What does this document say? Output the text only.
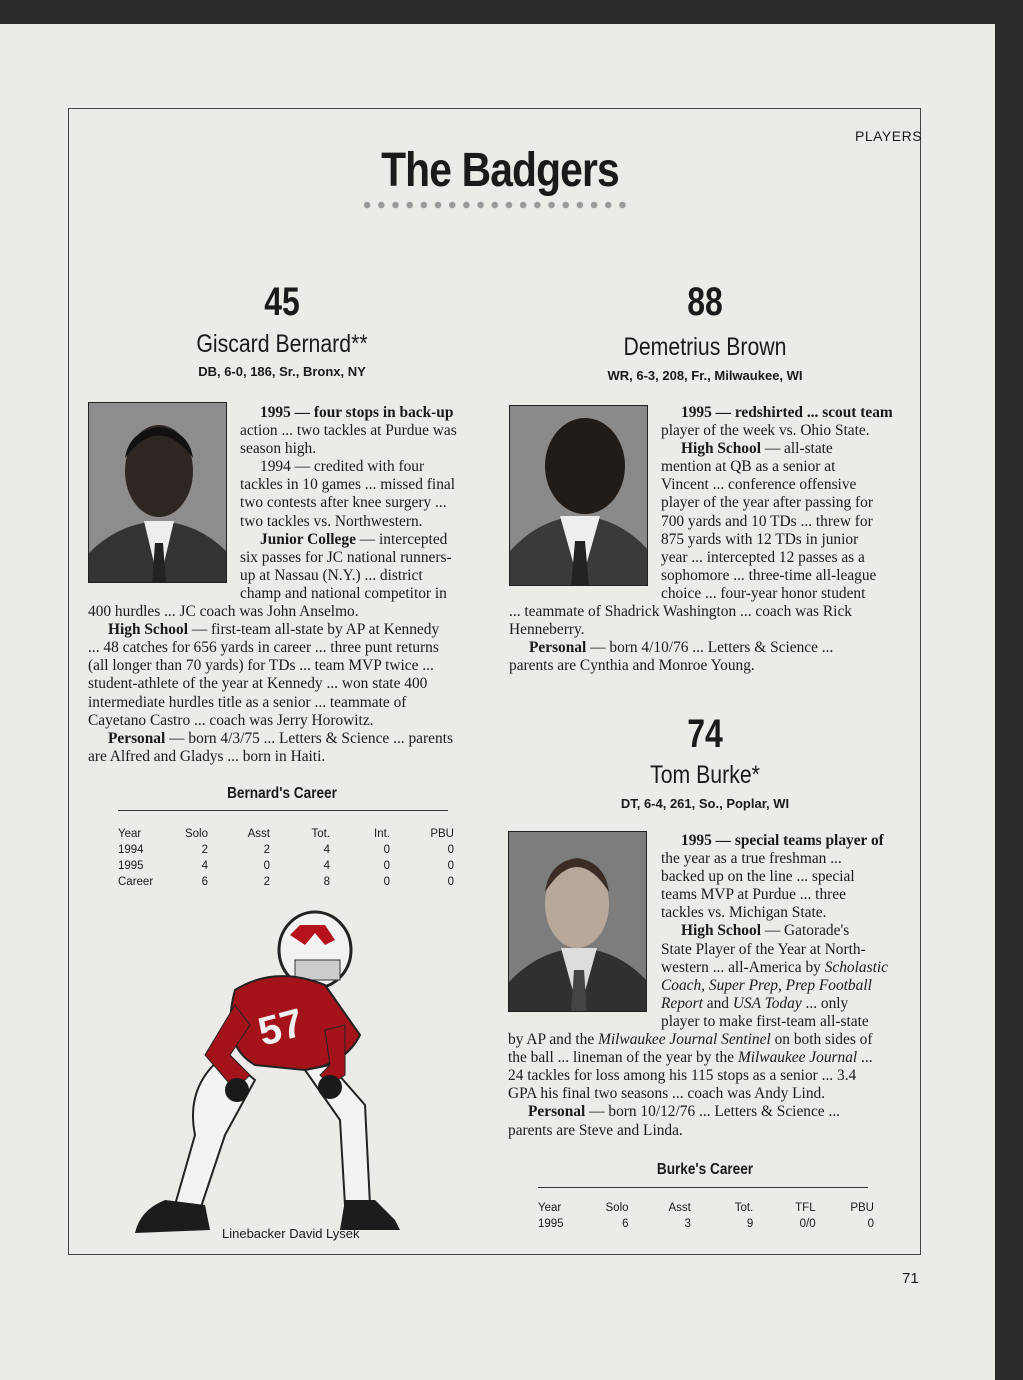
PLAYERS
The Badgers
45
Giscard Bernard**
DB, 6-0, 186, Sr., Bronx, NY

1995 — four stops in back-up

action ... two tackles at Purdue was

season high.

1994 — credited with four

tackles in 10 games ... missed final

two contests after knee surgery ...

two tackles vs. Northwestern.

Junior College — intercepted

six passes for JC national runners-

up at Nassau (N.Y.) ... district

champ and national competitor in

400 hurdles ... JC coach was John Anselmo.

High School — first-team all-state by AP at Kennedy

... 48 catches for 656 yards in career ... three punt returns

(all longer than 70 yards) for TDs ... team MVP twice ...

student-athlete of the year at Kennedy ... won state 400

intermediate hurdles title as a senior ... teammate of

Cayetano Castro ... coach was Jerry Horowitz.

Personal — born 4/3/75 ... Letters & Science ... parents

are Alfred and Gladys ... born in Haiti.

Bernard's Career
Year	Solo	Asst	Tot.	Int.	PBU
1994	2	2	4	0	0
1995	4	0	4	0	0
Career	6	2	8	0	0
57
Linebacker David Lysek
88
Demetrius Brown
WR, 6-3, 208, Fr., Milwaukee, WI

1995 — redshirted ... scout team

player of the week vs. Ohio State.

High School — all-state

mention at QB as a senior at

Vincent ... conference offensive

player of the year after passing for

700 yards and 10 TDs ... threw for

875 yards with 12 TDs in junior

year ... intercepted 12 passes as a

sophomore ... three-time all-league

choice ... four-year honor student

... teammate of Shadrick Washington ... coach was Rick

Henneberry.

Personal — born 4/10/76 ... Letters & Science ...

parents are Cynthia and Monroe Young.

74
Tom Burke*
DT, 6-4, 261, So., Poplar, WI

1995 — special teams player of

the year as a true freshman ...

backed up on the line ... special

teams MVP at Purdue ... three

tackles vs. Michigan State.

High School — Gatorade's

State Player of the Year at North-

western ... all-America by Scholastic

Coach, Super Prep, Prep Football

Report and USA Today ... only

player to make first-team all-state

by AP and the Milwaukee Journal Sentinel on both sides of

the ball ... lineman of the year by the Milwaukee Journal ...

24 tackles for loss among his 115 stops as a senior ... 3.4

GPA his final two seasons ... coach was Andy Lind.

Personal — born 10/12/76 ... Letters & Science ...

parents are Steve and Linda.

Burke's Career
Year	Solo	Asst	Tot.	TFL	PBU
1995	6	3	9	0/0	0
71
